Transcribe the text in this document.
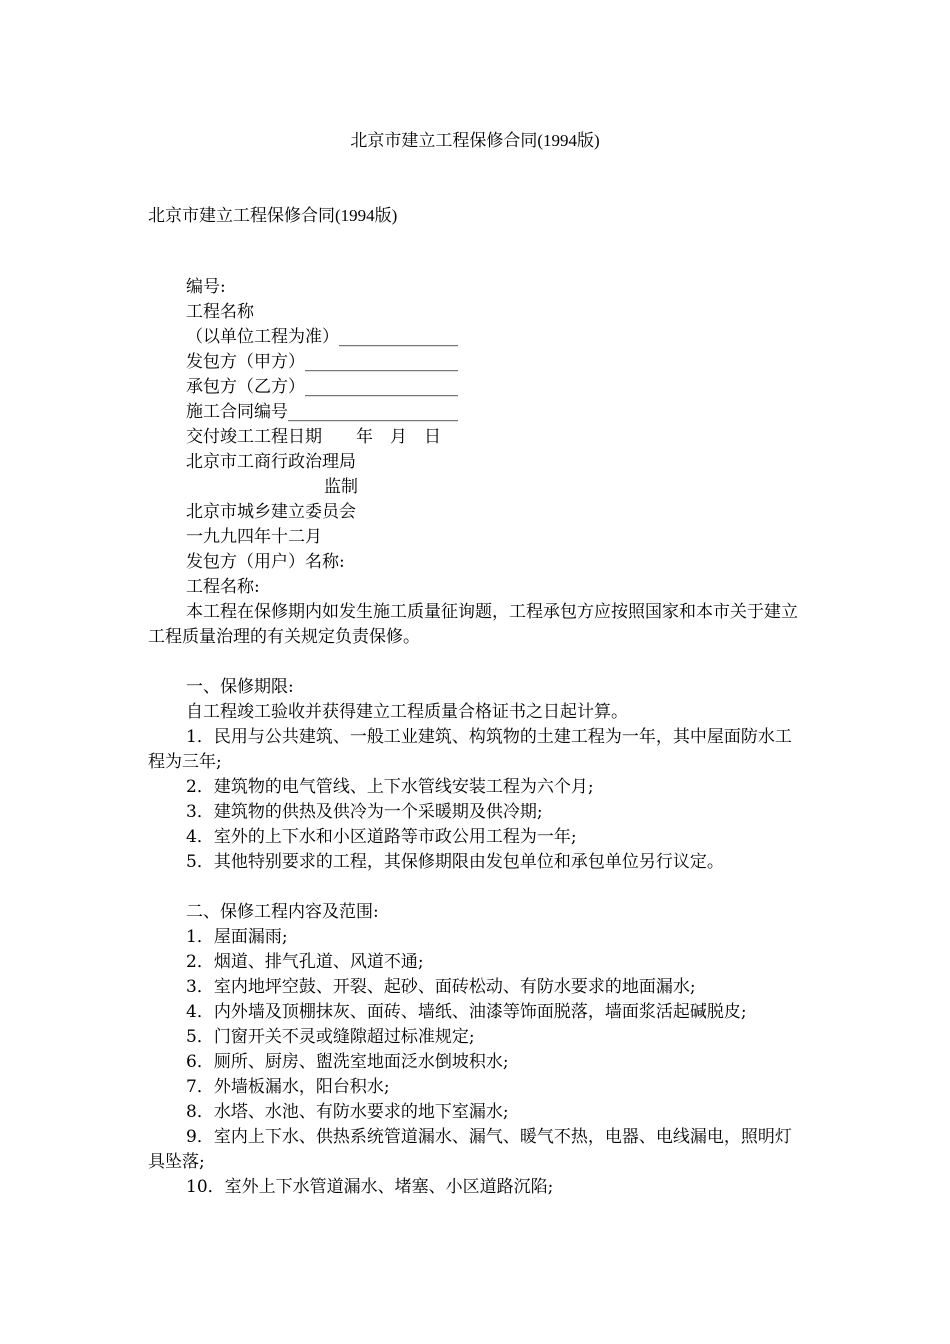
北京市建立工程保修合同(1994版)
北京市建立工程保修合同(1994版)

编号:

工程名称

（以单位工程为准）______________

发包方（甲方）__________________

承包方（乙方）__________________

施工合同编号____________________

交付竣工工程日期　　年　月　日

北京市工商行政治理局

监制

北京市城乡建立委员会

一九九四年十二月

发包方（用户）名称:

工程名称:

本工程在保修期内如发生施工质量征询题，工程承包方应按照国家和本市关于建立工程质量治理的有关规定负责保修。

一、保修期限:

自工程竣工验收并获得建立工程质量合格证书之日起计算。

1．民用与公共建筑、一般工业建筑、构筑物的土建工程为一年，其中屋面防水工程为三年;

2．建筑物的电气管线、上下水管线安装工程为六个月;

3．建筑物的供热及供冷为一个采暖期及供冷期;

4．室外的上下水和小区道路等市政公用工程为一年;

5．其他特别要求的工程，其保修期限由发包单位和承包单位另行议定。

二、保修工程内容及范围:

1．屋面漏雨;

2．烟道、排气孔道、风道不通;

3．室内地坪空鼓、开裂、起砂、面砖松动、有防水要求的地面漏水;

4．内外墙及顶棚抹灰、面砖、墙纸、油漆等饰面脱落，墙面浆活起碱脱皮;

5．门窗开关不灵或缝隙超过标准规定;

6．厕所、厨房、盥洗室地面泛水倒坡积水;

7．外墙板漏水，阳台积水;

8．水塔、水池、有防水要求的地下室漏水;

9．室内上下水、供热系统管道漏水、漏气、暖气不热，电器、电线漏电，照明灯具坠落;

10．室外上下水管道漏水、堵塞、小区道路沉陷;
